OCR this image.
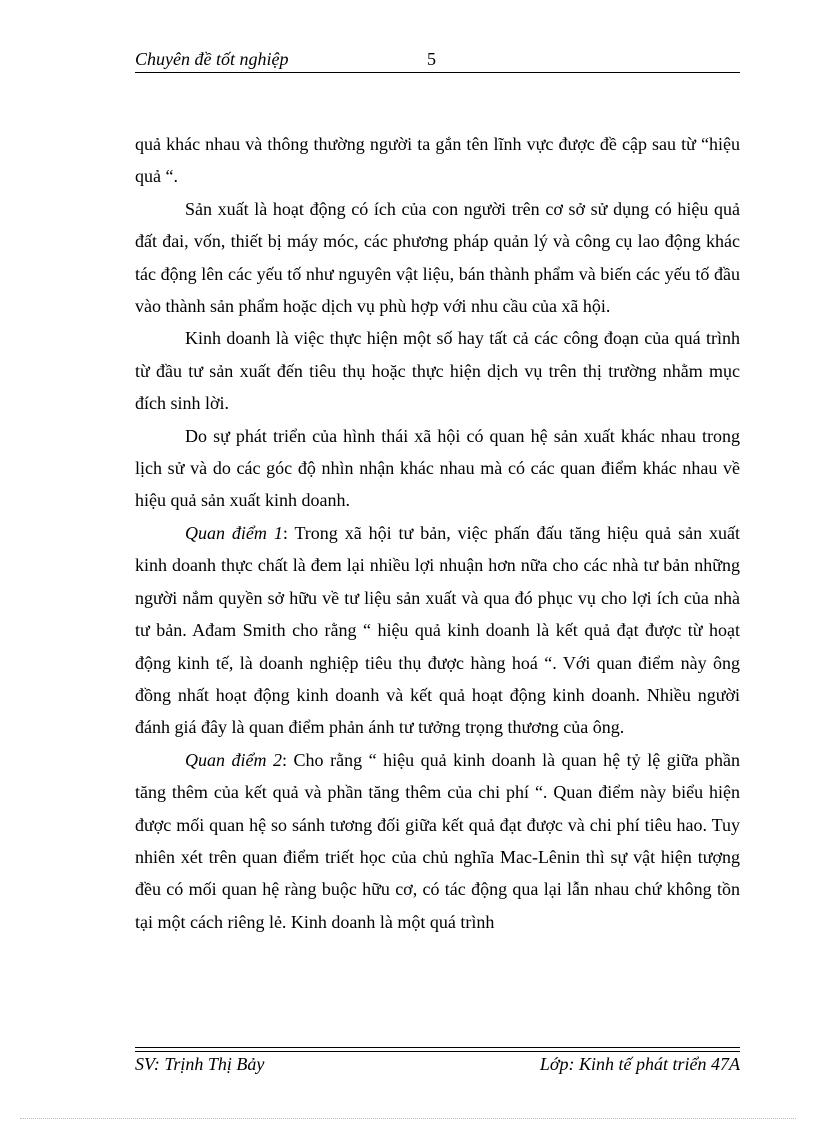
Chuyên đề tốt nghiệp	5

quả khác nhau và thông thường người ta gắn tên lĩnh vực được đề cập sau từ “hiệu quả “.

Sản xuất là hoạt động có ích của con người trên cơ sở sử dụng có hiệu quả đất đai, vốn, thiết bị máy móc, các phương pháp quản lý và công cụ lao động khác tác động lên các yếu tố như nguyên vật liệu, bán thành phẩm và biến các yếu tố đầu vào thành sản phẩm hoặc dịch vụ phù hợp với nhu cầu của xã hội.

Kinh doanh là việc thực hiện một số hay tất cả các công đoạn của quá trình từ đầu tư sản xuất đến tiêu thụ hoặc thực hiện dịch vụ trên thị trường nhằm mục đích sinh lời.

Do sự phát triển của hình thái xã hội có quan hệ sản xuất khác nhau trong lịch sử và do các góc độ nhìn nhận khác nhau mà có các quan điểm khác nhau về hiệu quả sản xuất kinh doanh.

Quan điểm 1: Trong xã hội tư bản, việc phấn đấu tăng hiệu quả sản xuất kinh doanh thực chất là đem lại nhiều lợi nhuận hơn nữa cho các nhà tư bản những người nắm quyền sở hữu về tư liệu sản xuất và qua đó phục vụ cho lợi ích của nhà tư bản. Ađam Smith cho rằng “ hiệu quả kinh doanh là kết quả đạt được từ hoạt động kinh tế, là doanh nghiệp tiêu thụ được hàng hoá “. Với quan điểm này ông đồng nhất hoạt động kinh doanh và kết quả hoạt động kinh doanh. Nhiều người đánh giá đây là quan điểm phản ánh tư tưởng trọng thương của ông.

Quan điểm 2: Cho rằng “ hiệu quả kinh doanh là quan hệ tỷ lệ giữa phần tăng thêm của kết quả và phần tăng thêm của chi phí “. Quan điểm này biểu hiện được mối quan hệ so sánh tương đối giữa kết quả đạt được và chi phí tiêu hao. Tuy nhiên xét trên quan điểm triết học của chủ nghĩa Mac-Lênin thì sự vật hiện tượng đều có mối quan hệ ràng buộc hữu cơ, có tác động qua lại lẫn nhau chứ không tồn tại một cách riêng lẻ. Kinh doanh là một quá trình

SV: Trịnh Thị Bảy	Lớp: Kinh tế phát triển 47A
